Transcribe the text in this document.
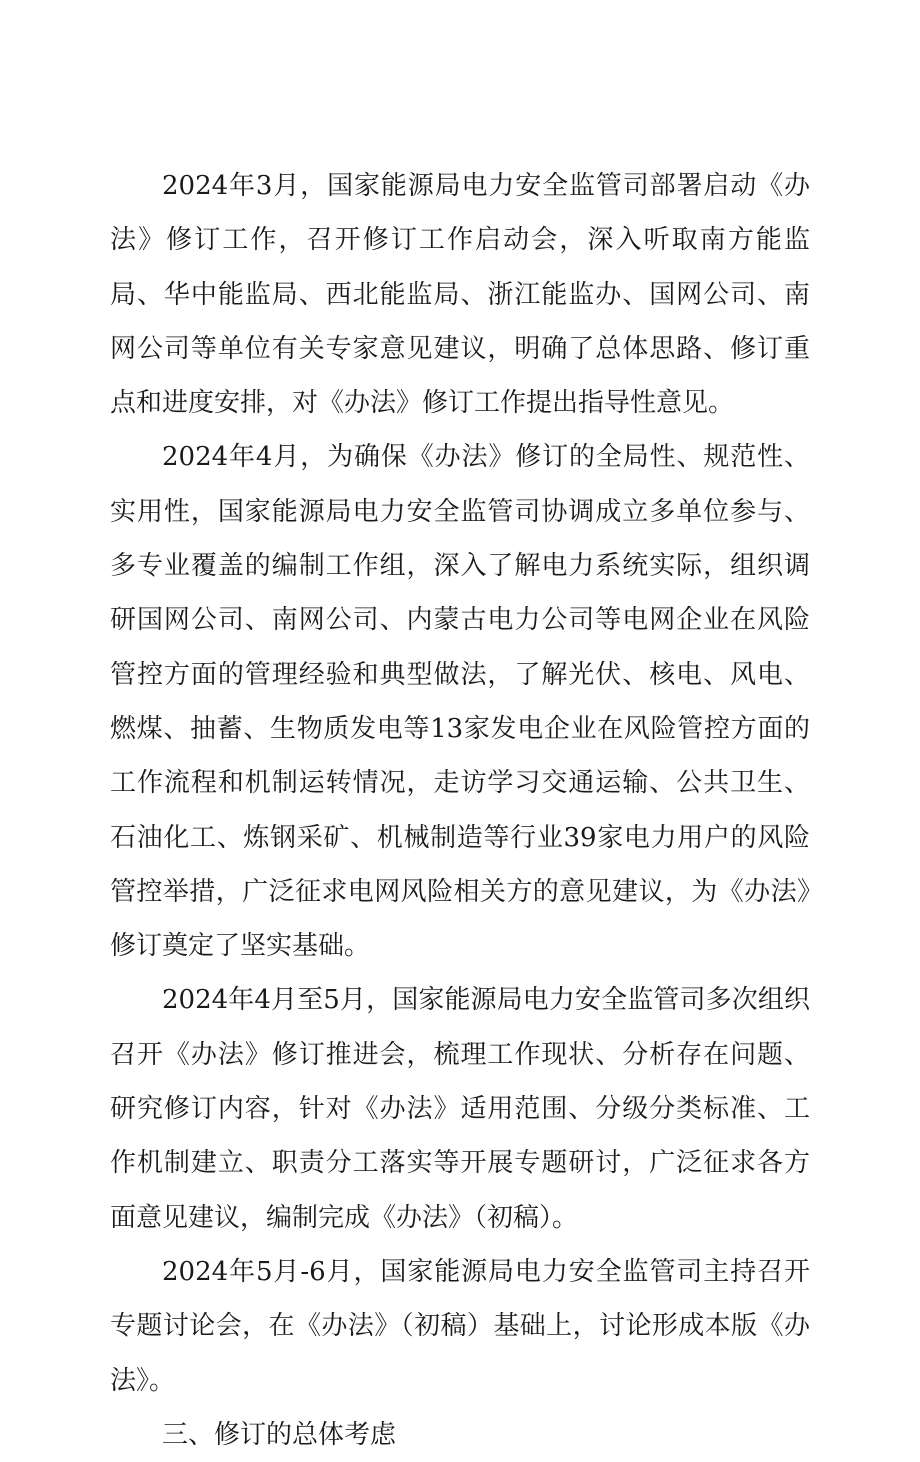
2024年3月，国家能源局电力安全监管司部署启动《办法》修订工作，召开修订工作启动会，深入听取南方能监局、华中能监局、西北能监局、浙江能监办、国网公司、南网公司等单位有关专家意见建议，明确了总体思路、修订重点和进度安排，对《办法》修订工作提出指导性意见。

2024年4月，为确保《办法》修订的全局性、规范性、实用性，国家能源局电力安全监管司协调成立多单位参与、多专业覆盖的编制工作组，深入了解电力系统实际，组织调研国网公司、南网公司、内蒙古电力公司等电网企业在风险管控方面的管理经验和典型做法，了解光伏、核电、风电、燃煤、抽蓄、生物质发电等13家发电企业在风险管控方面的工作流程和机制运转情况，走访学习交通运输、公共卫生、石油化工、炼钢采矿、机械制造等行业39家电力用户的风险管控举措，广泛征求电网风险相关方的意见建议，为《办法》修订奠定了坚实基础。

2024年4月至5月，国家能源局电力安全监管司多次组织召开《办法》修订推进会，梳理工作现状、分析存在问题、研究修订内容，针对《办法》适用范围、分级分类标准、工作机制建立、职责分工落实等开展专题研讨，广泛征求各方面意见建议，编制完成《办法》（初稿）。

2024年5月-6月，国家能源局电力安全监管司主持召开专题讨论会，在《办法》（初稿）基础上，讨论形成本版《办法》。

三、修订的总体考虑
